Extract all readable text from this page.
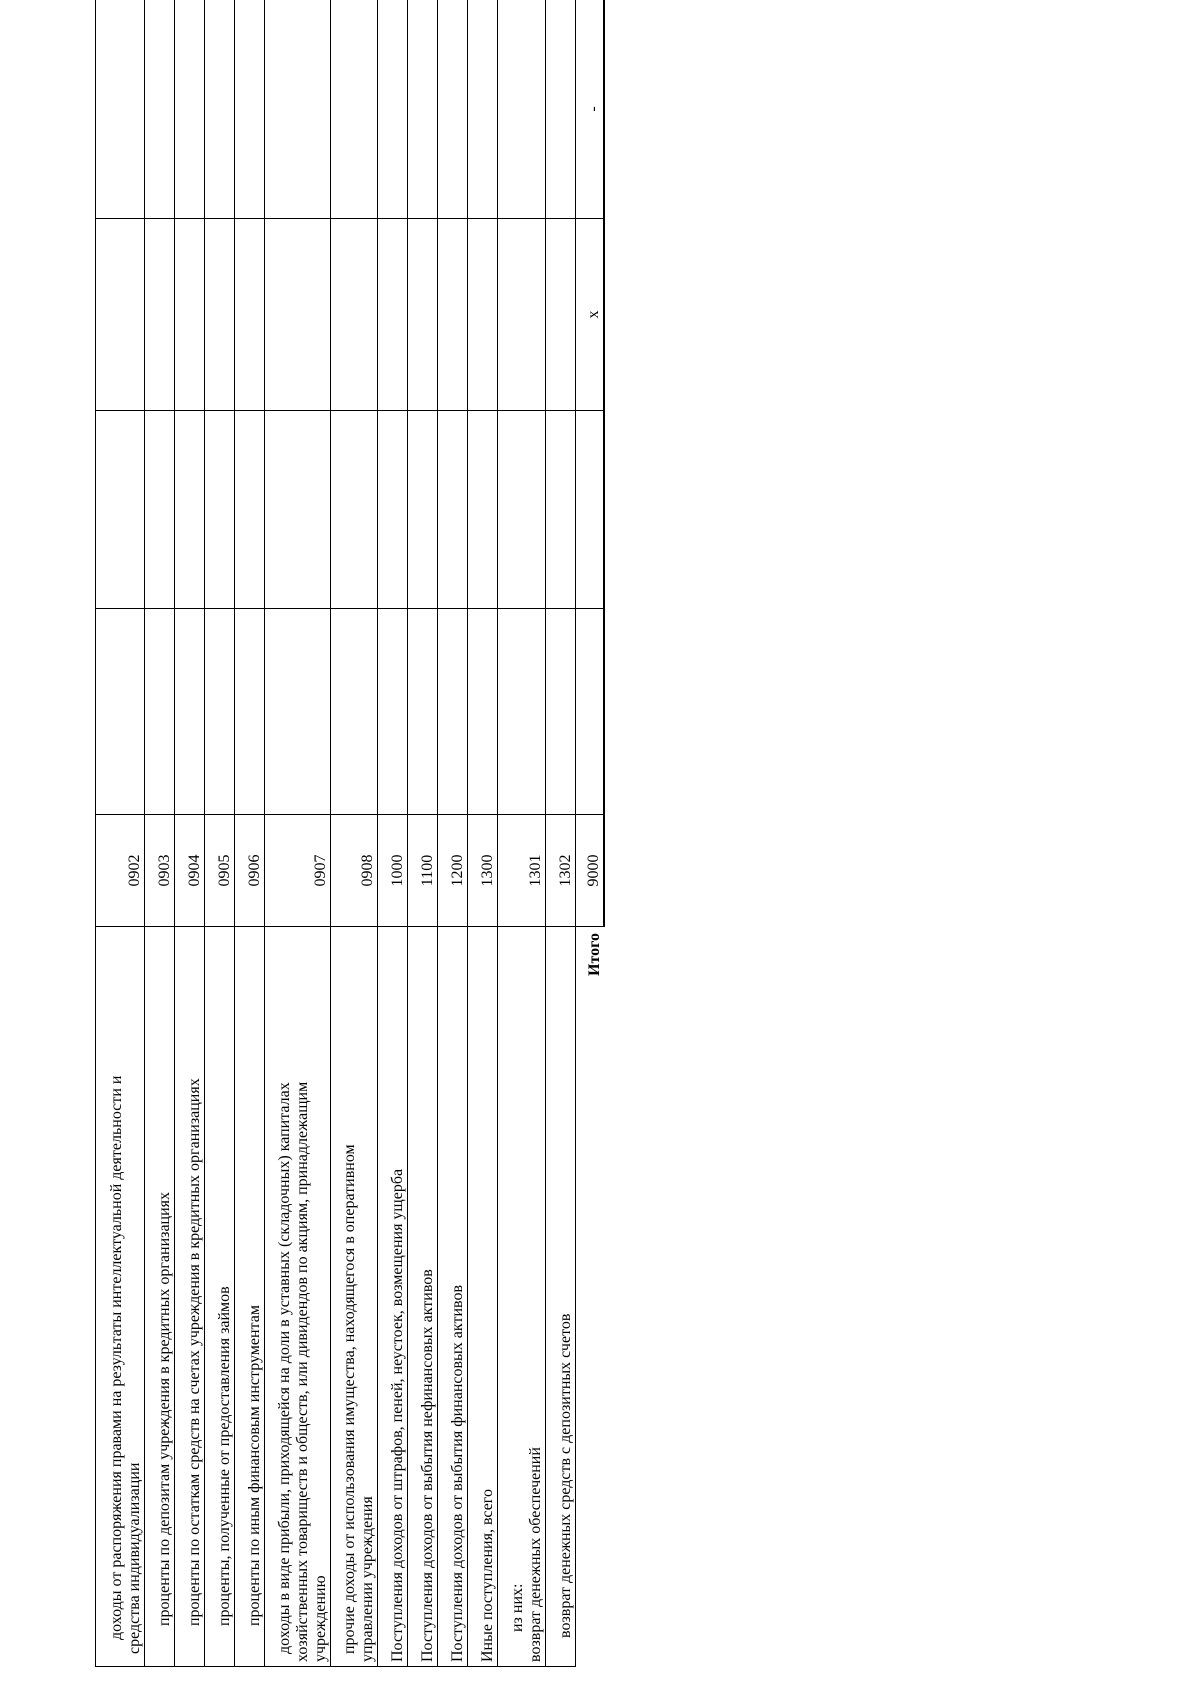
доходы от распоряжения правами на результаты интеллектуальной деятельности и средства индивидуализации	0902				
проценты по депозитам учреждения в кредитных организациях	0903				
проценты по остаткам средств на счетах учреждения в кредитных организациях	0904				
проценты, полученные от предоставления займов	0905				
проценты по иным финансовым инструментам	0906				

доходы в виде прибыли, приходящейся на доли в уставных (складочных) капиталах хозяйственных товариществ и обществ, или дивидендов по акциям, принадлежащим учреждению	0907				

прочие доходы от использования имущества, находящегося в оперативном управлении учреждения	0908				
Поступления доходов от штрафов, пеней, неустоек, возмещения ущерба	1000				
Поступления доходов от выбытия нефинансовых активов	1100				
Поступления доходов от выбытия финансовых активов	1200				
Иные поступления, всего	1300				

из них: возврат денежных обеспечений	1301				
возврат денежных средств с депозитных счетов	1302				
Итого	9000			х	-
